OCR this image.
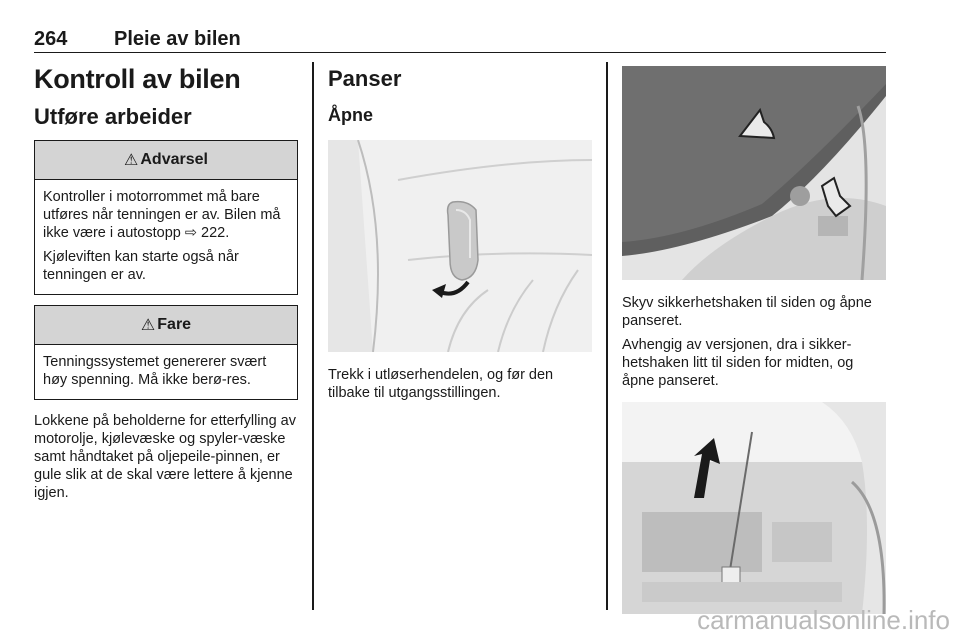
264 Pleie av bilen
Kontroll av bilen
Utføre arbeider
⚠ Advarsel

Kontroller i motorrommet må bare utføres når tenningen er av. Bilen må ikke være i autostopp ⇨ 222.

Kjøleviften kan starte også når tenningen er av.

⚠ Fare

Tenningssystemet genererer svært høy spenning. Må ikke berø-res.

Lokkene på beholderne for etterfylling av motorolje, kjølevæske og spyler-væske samt håndtaket på oljepeile-pinnen, er gule slik at de skal være lettere å kjenne igjen.

Panser
Åpne

Trekk i utløserhendelen, og før den tilbake til utgangsstillingen.

Skyv sikkerhetshaken til siden og åpne panseret.

Avhengig av versjonen, dra i sikker-hetshaken litt til siden for midten, og åpne panseret.

carmanualsonline.info
